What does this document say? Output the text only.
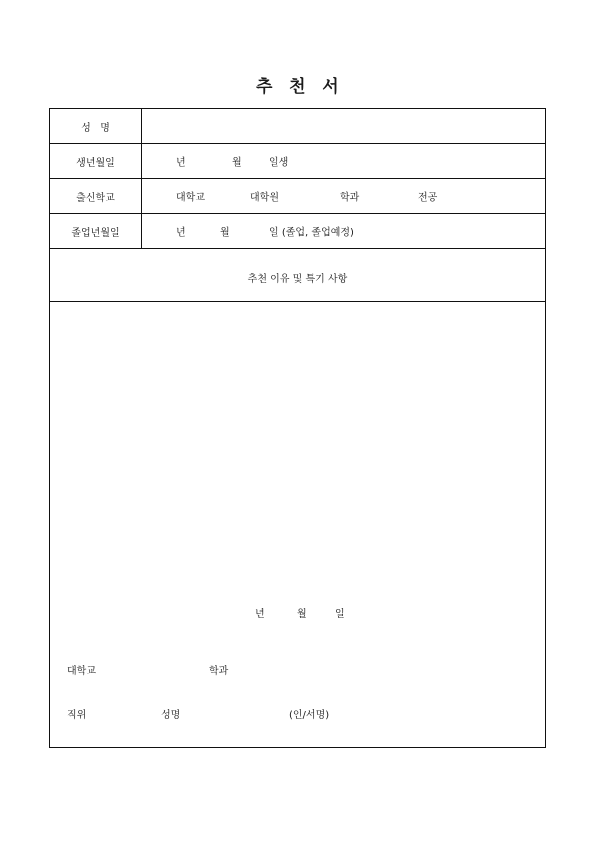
추 천 서
성   명
생년월일	년	월	일생
출신학교	대학교	대학원	학과	전공
졸업년월일	년	월	일 (졸업, 졸업예정)
추천 이유 및 특기 사항
년	월	일
대학교	학과
직위	성명	(인/서명)
